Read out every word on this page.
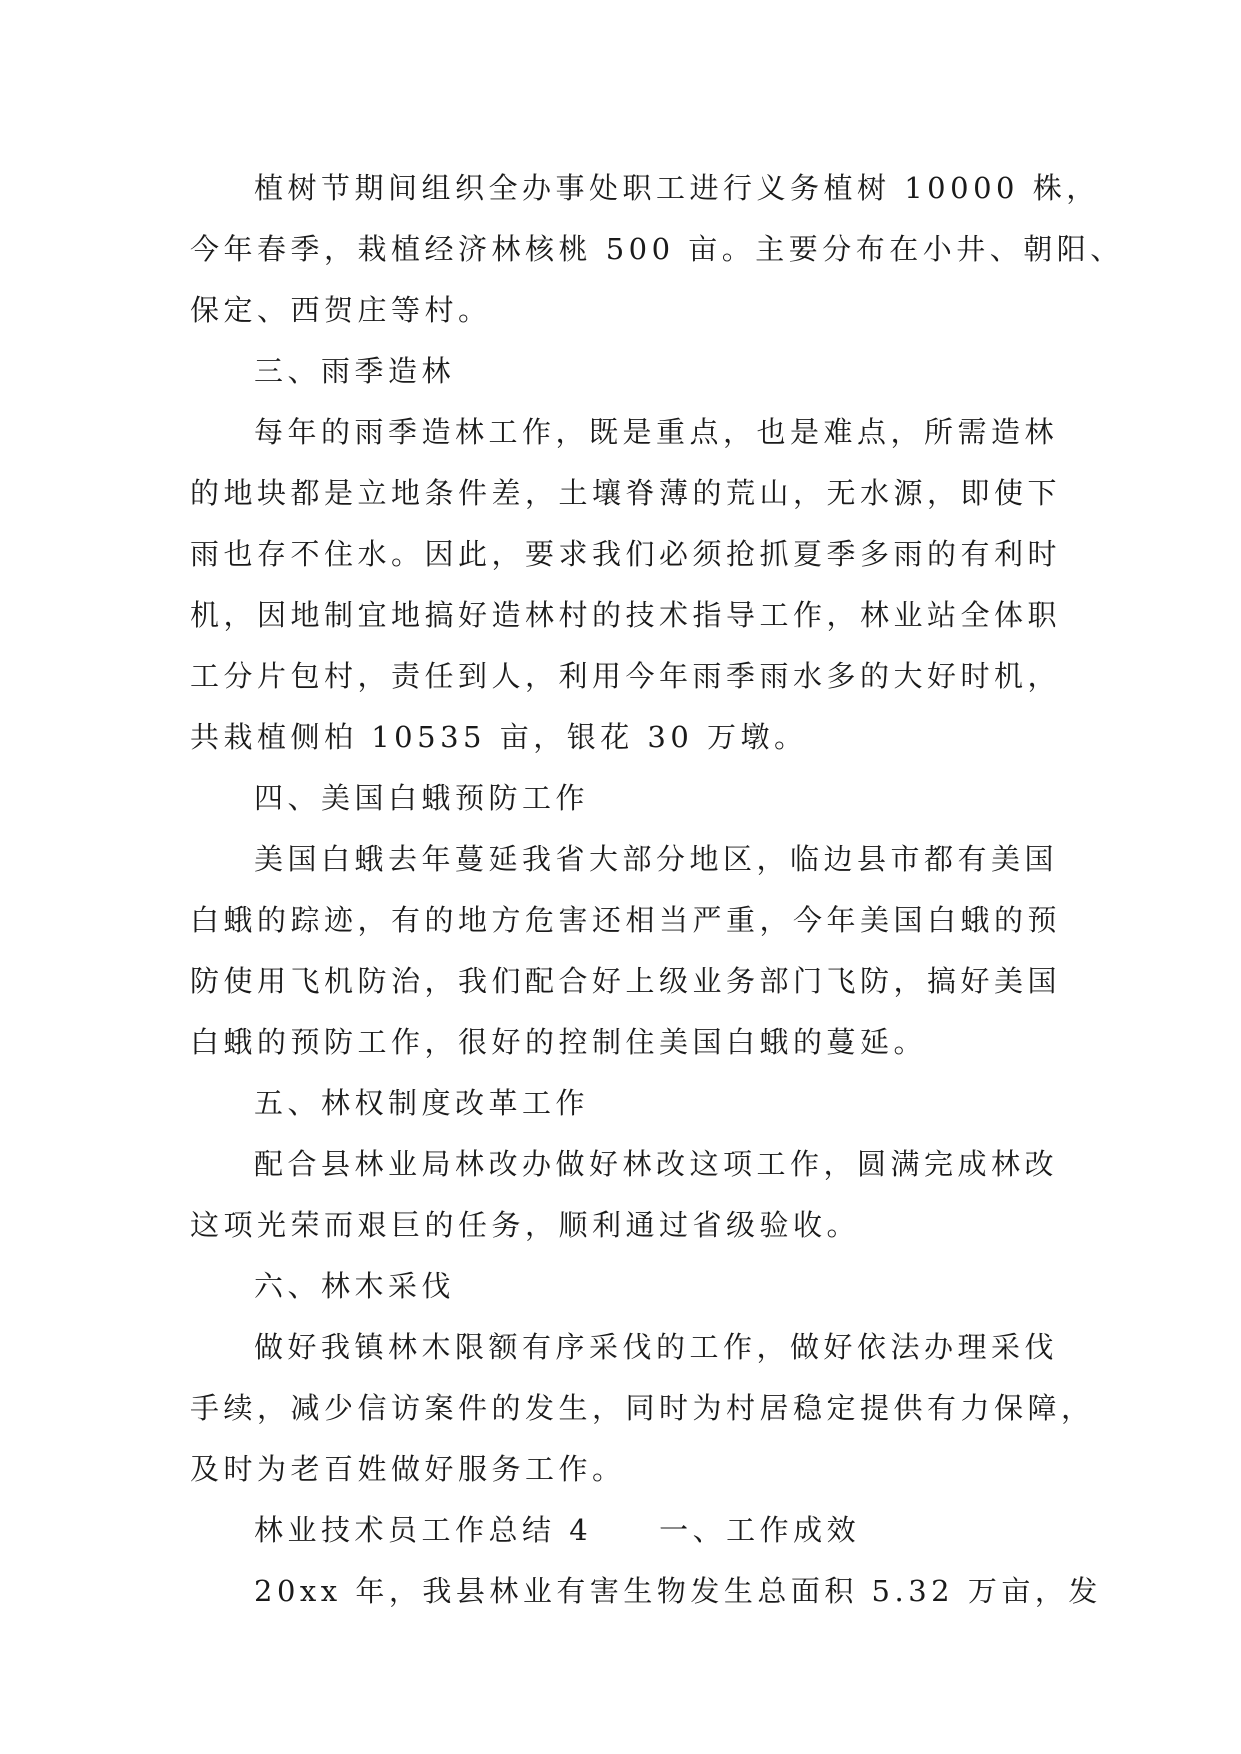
植树节期间组织全办事处职工进行义务植树 10000 株，
今年春季，栽植经济林核桃 500 亩。主要分布在小井、朝阳、
保定、西贺庄等村。
三、雨季造林
每年的雨季造林工作，既是重点，也是难点，所需造林
的地块都是立地条件差，土壤脊薄的荒山，无水源，即使下
雨也存不住水。因此，要求我们必须抢抓夏季多雨的有利时
机，因地制宜地搞好造林村的技术指导工作，林业站全体职
工分片包村，责任到人，利用今年雨季雨水多的大好时机，
共栽植侧柏 10535 亩，银花 30 万墩。
四、美国白蛾预防工作
美国白蛾去年蔓延我省大部分地区，临边县市都有美国
白蛾的踪迹，有的地方危害还相当严重，今年美国白蛾的预
防使用飞机防治，我们配合好上级业务部门飞防，搞好美国
白蛾的预防工作，很好的控制住美国白蛾的蔓延。
五、林权制度改革工作
配合县林业局林改办做好林改这项工作，圆满完成林改
这项光荣而艰巨的任务，顺利通过省级验收。
六、林木采伐
做好我镇林木限额有序采伐的工作，做好依法办理采伐
手续，减少信访案件的发生，同时为村居稳定提供有力保障，
及时为老百姓做好服务工作。
林业技术员工作总结 4　　一、工作成效
20xx 年，我县林业有害生物发生总面积 5.32 万亩，发
